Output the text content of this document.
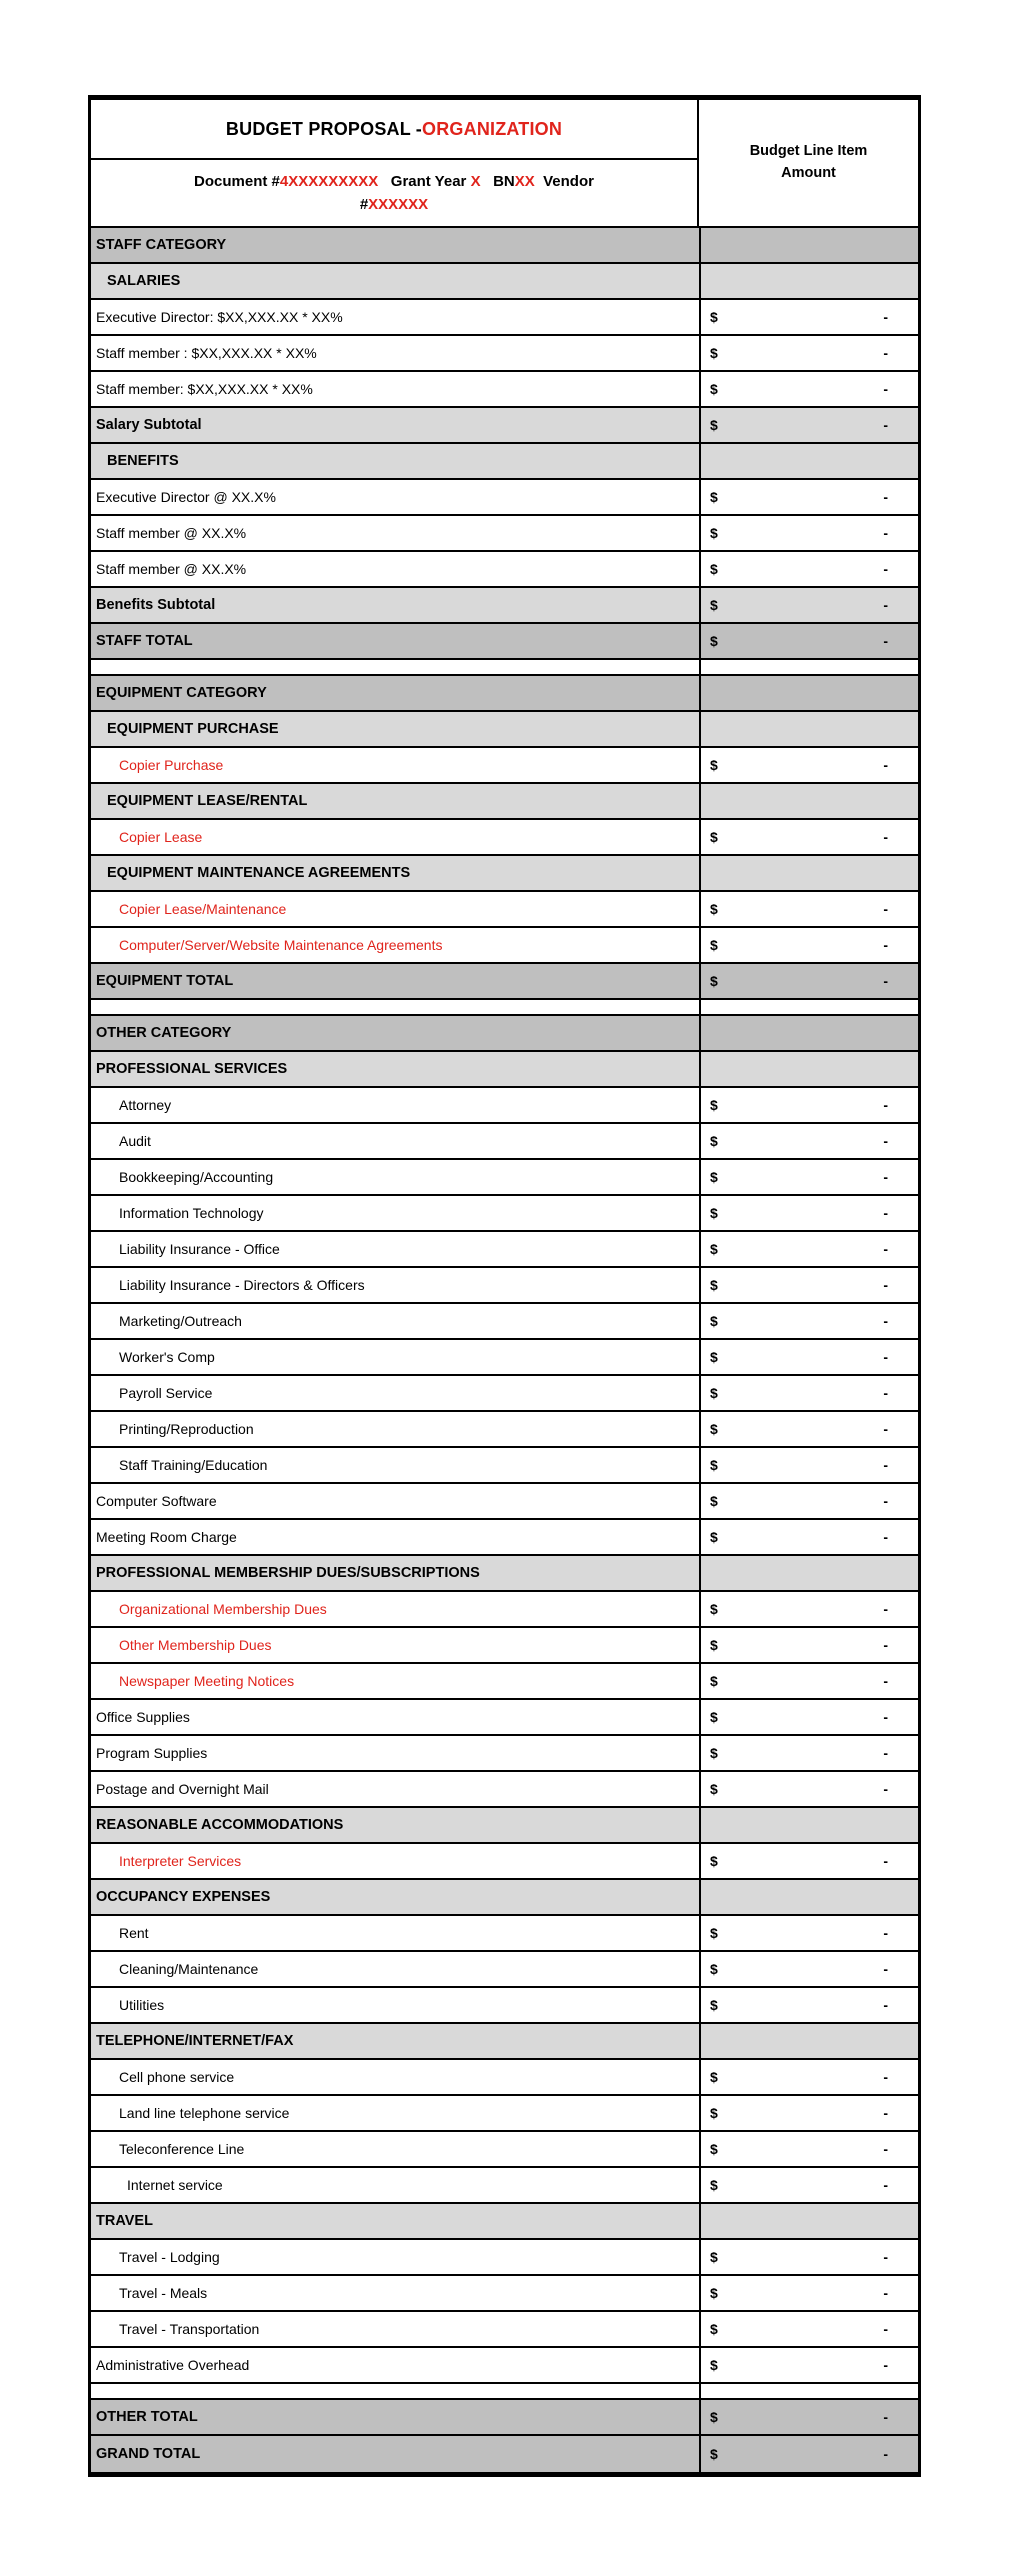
BUDGET PROPOSAL - ORGANIZATION
Document #4XXXXXXXXX   Grant Year X   BNXX  Vendor
#XXXXXX
Budget Line Item Amount
STAFF CATEGORY
SALARIES
Executive Director: $XX,XXX.XX * XX%	$	-
Staff member : $XX,XXX.XX * XX%	$	-
Staff member: $XX,XXX.XX * XX%	$	-
Salary Subtotal	$	-
BENEFITS
Executive Director @ XX.X%	$	-
Staff member @ XX.X%	$	-
Staff member @ XX.X%	$	-
Benefits Subtotal	$	-
STAFF TOTAL	$	-
EQUIPMENT CATEGORY
EQUIPMENT PURCHASE
Copier Purchase	$	-
EQUIPMENT LEASE/RENTAL
Copier Lease	$	-
EQUIPMENT MAINTENANCE AGREEMENTS
Copier Lease/Maintenance	$	-
Computer/Server/Website Maintenance Agreements	$	-
EQUIPMENT TOTAL	$	-
OTHER CATEGORY
PROFESSIONAL SERVICES
Attorney	$	-
Audit	$	-
Bookkeeping/Accounting	$	-
Information Technology	$	-
Liability Insurance - Office	$	-
Liability Insurance - Directors & Officers	$	-
Marketing/Outreach	$	-
Worker's Comp	$	-
Payroll Service	$	-
Printing/Reproduction	$	-
Staff Training/Education	$	-
Computer Software	$	-
Meeting Room Charge	$	-
PROFESSIONAL MEMBERSHIP DUES/SUBSCRIPTIONS
Organizational Membership Dues	$	-
Other Membership Dues	$	-
Newspaper Meeting Notices	$	-
Office Supplies	$	-
Program Supplies	$	-
Postage and Overnight Mail	$	-
REASONABLE ACCOMMODATIONS
Interpreter Services	$	-
OCCUPANCY EXPENSES
Rent	$	-
Cleaning/Maintenance	$	-
Utilities	$	-
TELEPHONE/INTERNET/FAX
Cell phone service	$	-
Land line telephone service	$	-
Teleconference Line	$	-
Internet service	$	-
TRAVEL
Travel - Lodging	$	-
Travel - Meals	$	-
Travel - Transportation	$	-
Administrative Overhead	$	-
OTHER TOTAL	$	-
GRAND TOTAL	$	-
